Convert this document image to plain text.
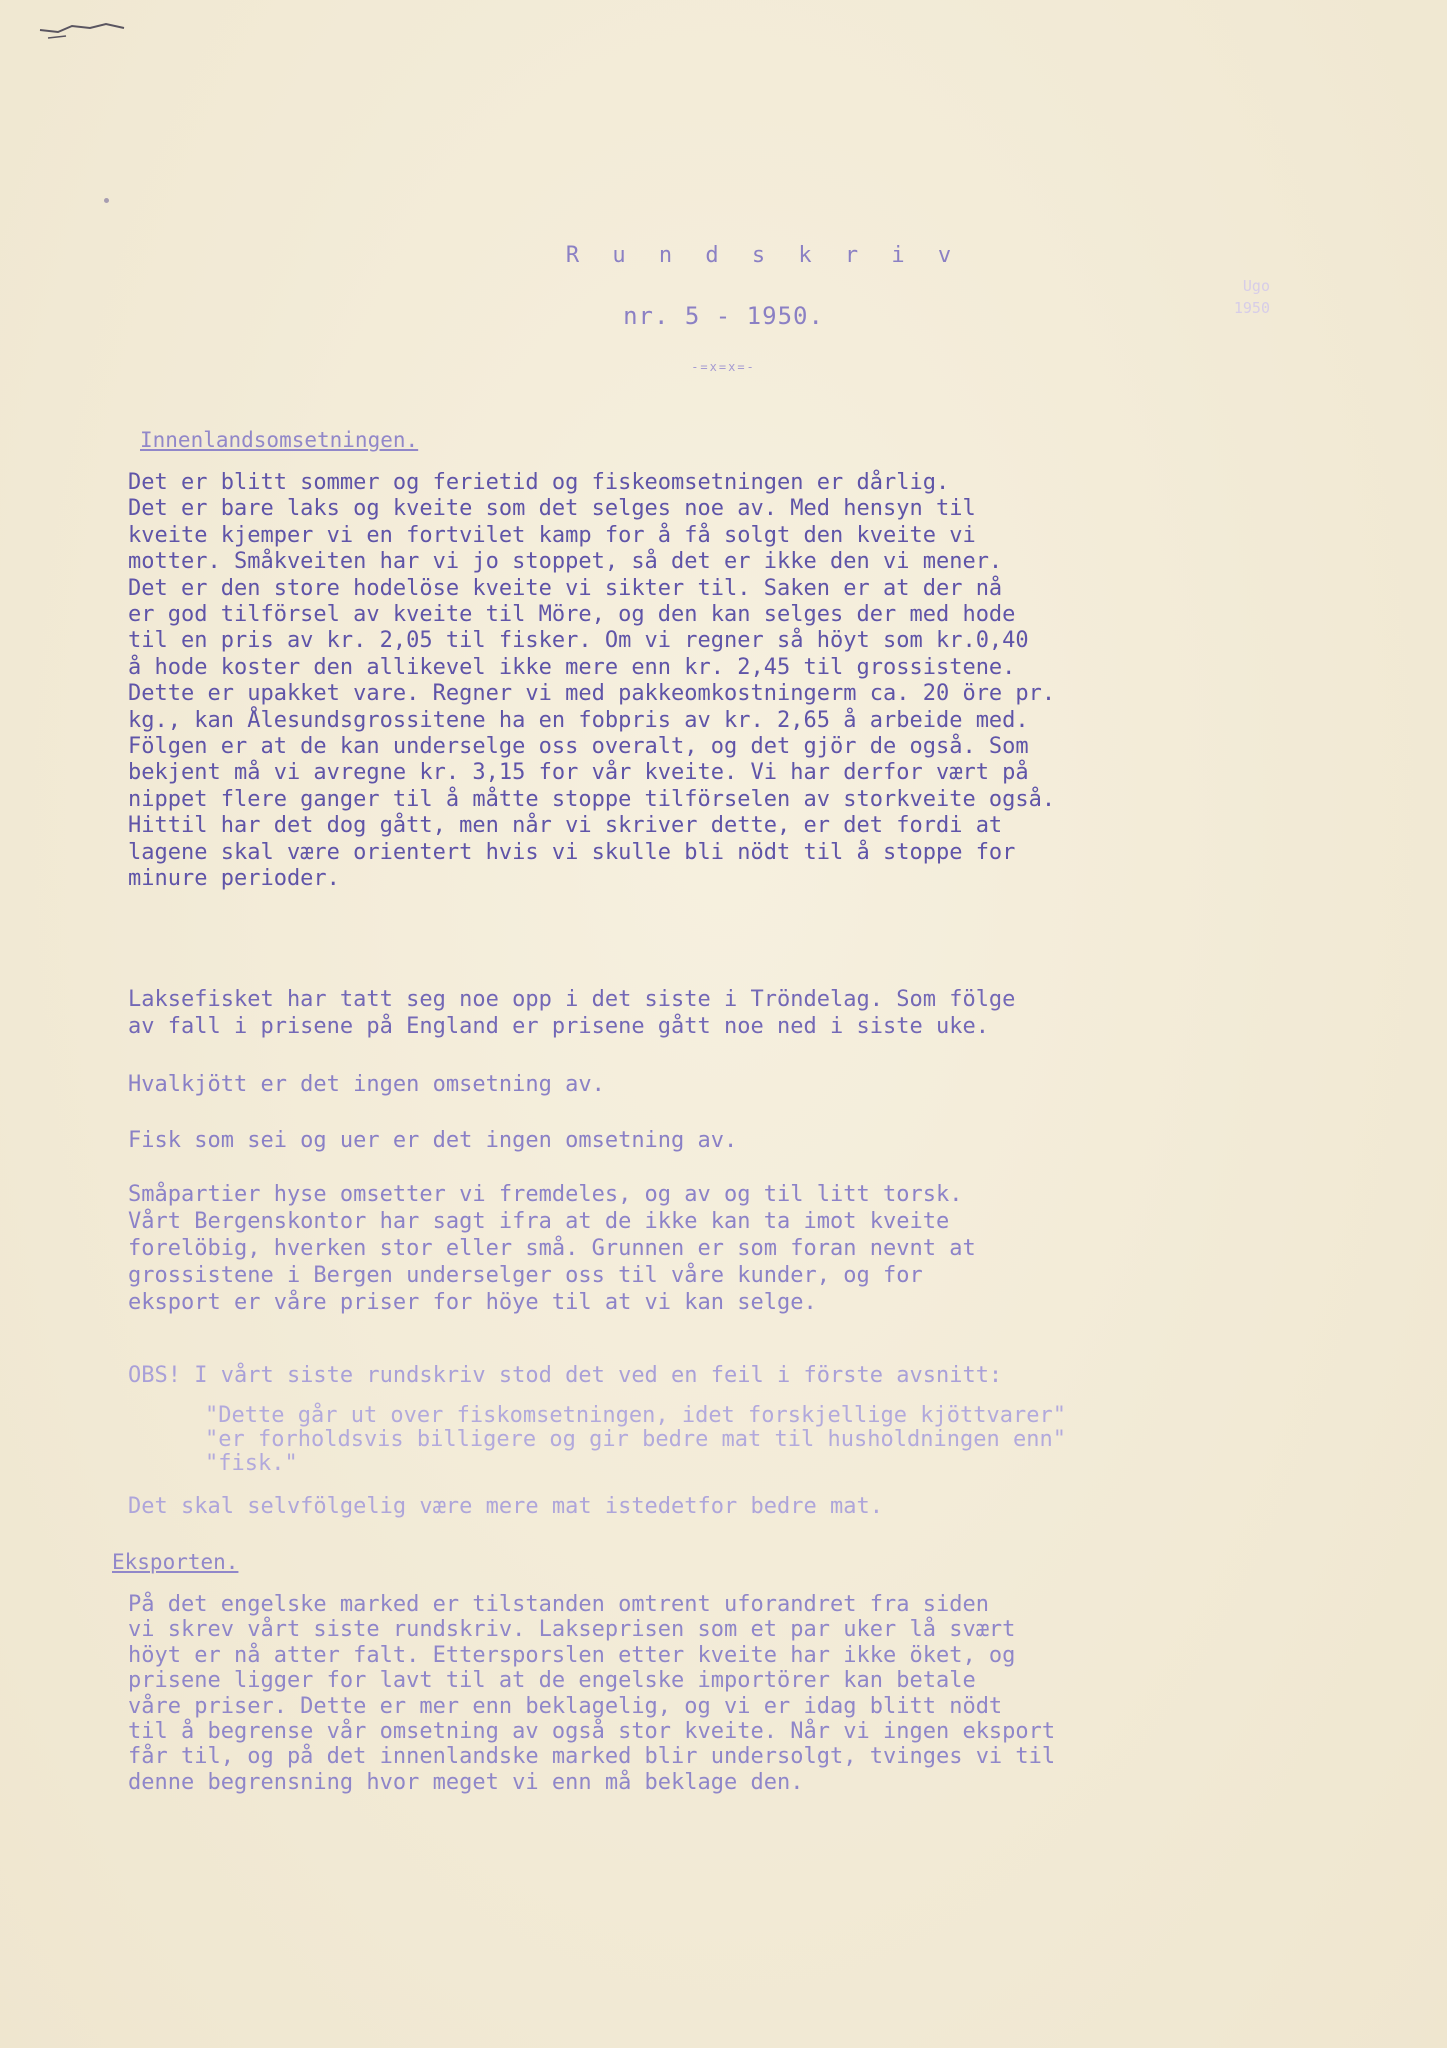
R u n d s k r i v
nr. 5 - 1950.
-=x=x=-
Ugo
1950
Innenlandsomsetningen.
Det er blitt sommer og ferietid og fiskeomsetningen er dårlig.
Det er bare laks og kveite som det selges noe av. Med hensyn til
kveite kjemper vi en fortvilet kamp for å få solgt den kveite vi
motter. Småkveiten har vi jo stoppet, så det er ikke den vi mener.
Det er den store hodelöse kveite vi sikter til. Saken er at der nå
er god tilförsel av kveite til Möre, og den kan selges der med hode
til en pris av kr. 2,05 til fisker. Om vi regner så höyt som kr.0,40
å hode koster den allikevel ikke mere enn kr. 2,45 til grossistene.
Dette er upakket vare. Regner vi med pakkeomkostningerm ca. 20 öre pr.
kg., kan Ålesundsgrossitene ha en fobpris av kr. 2,65 å arbeide med.
Fölgen er at de kan underselge oss overalt, og det gjör de også. Som
bekjent må vi avregne kr. 3,15 for vår kveite. Vi har derfor vært på
nippet flere ganger til å måtte stoppe tilförselen av storkveite også.
Hittil har det dog gått, men når vi skriver dette, er det fordi at
lagene skal være orientert hvis vi skulle bli nödt til å stoppe for
minure perioder.
Laksefisket har tatt seg noe opp i det siste i Tröndelag. Som fölge
av fall i prisene på England er prisene gått noe ned i siste uke.
Hvalkjött er det ingen omsetning av.
Fisk som sei og uer er det ingen omsetning av.
Småpartier hyse omsetter vi fremdeles, og av og til litt torsk.
Vårt Bergenskontor har sagt ifra at de ikke kan ta imot kveite
forelöbig, hverken stor eller små. Grunnen er som foran nevnt at
grossistene i Bergen underselger oss til våre kunder, og for
eksport er våre priser for höye til at vi kan selge.
OBS! I vårt siste rundskriv stod det ved en feil i förste avsnitt:
"Dette går ut over fiskomsetningen, idet forskjellige kjöttvarer"
"er forholdsvis billigere og gir bedre mat til husholdningen enn"
"fisk."
Det skal selvfölgelig være mere mat istedetfor bedre mat.
Eksporten.
På det engelske marked er tilstanden omtrent uforandret fra siden
vi skrev vårt siste rundskriv. Lakseprisen som et par uker lå svært
höyt er nå atter falt. Ettersporslen etter kveite har ikke öket, og
prisene ligger for lavt til at de engelske importörer kan betale
våre priser. Dette er mer enn beklagelig, og vi er idag blitt nödt
til å begrense vår omsetning av også stor kveite. Når vi ingen eksport
får til, og på det innenlandske marked blir undersolgt, tvinges vi til
denne begrensning hvor meget vi enn må beklage den.
